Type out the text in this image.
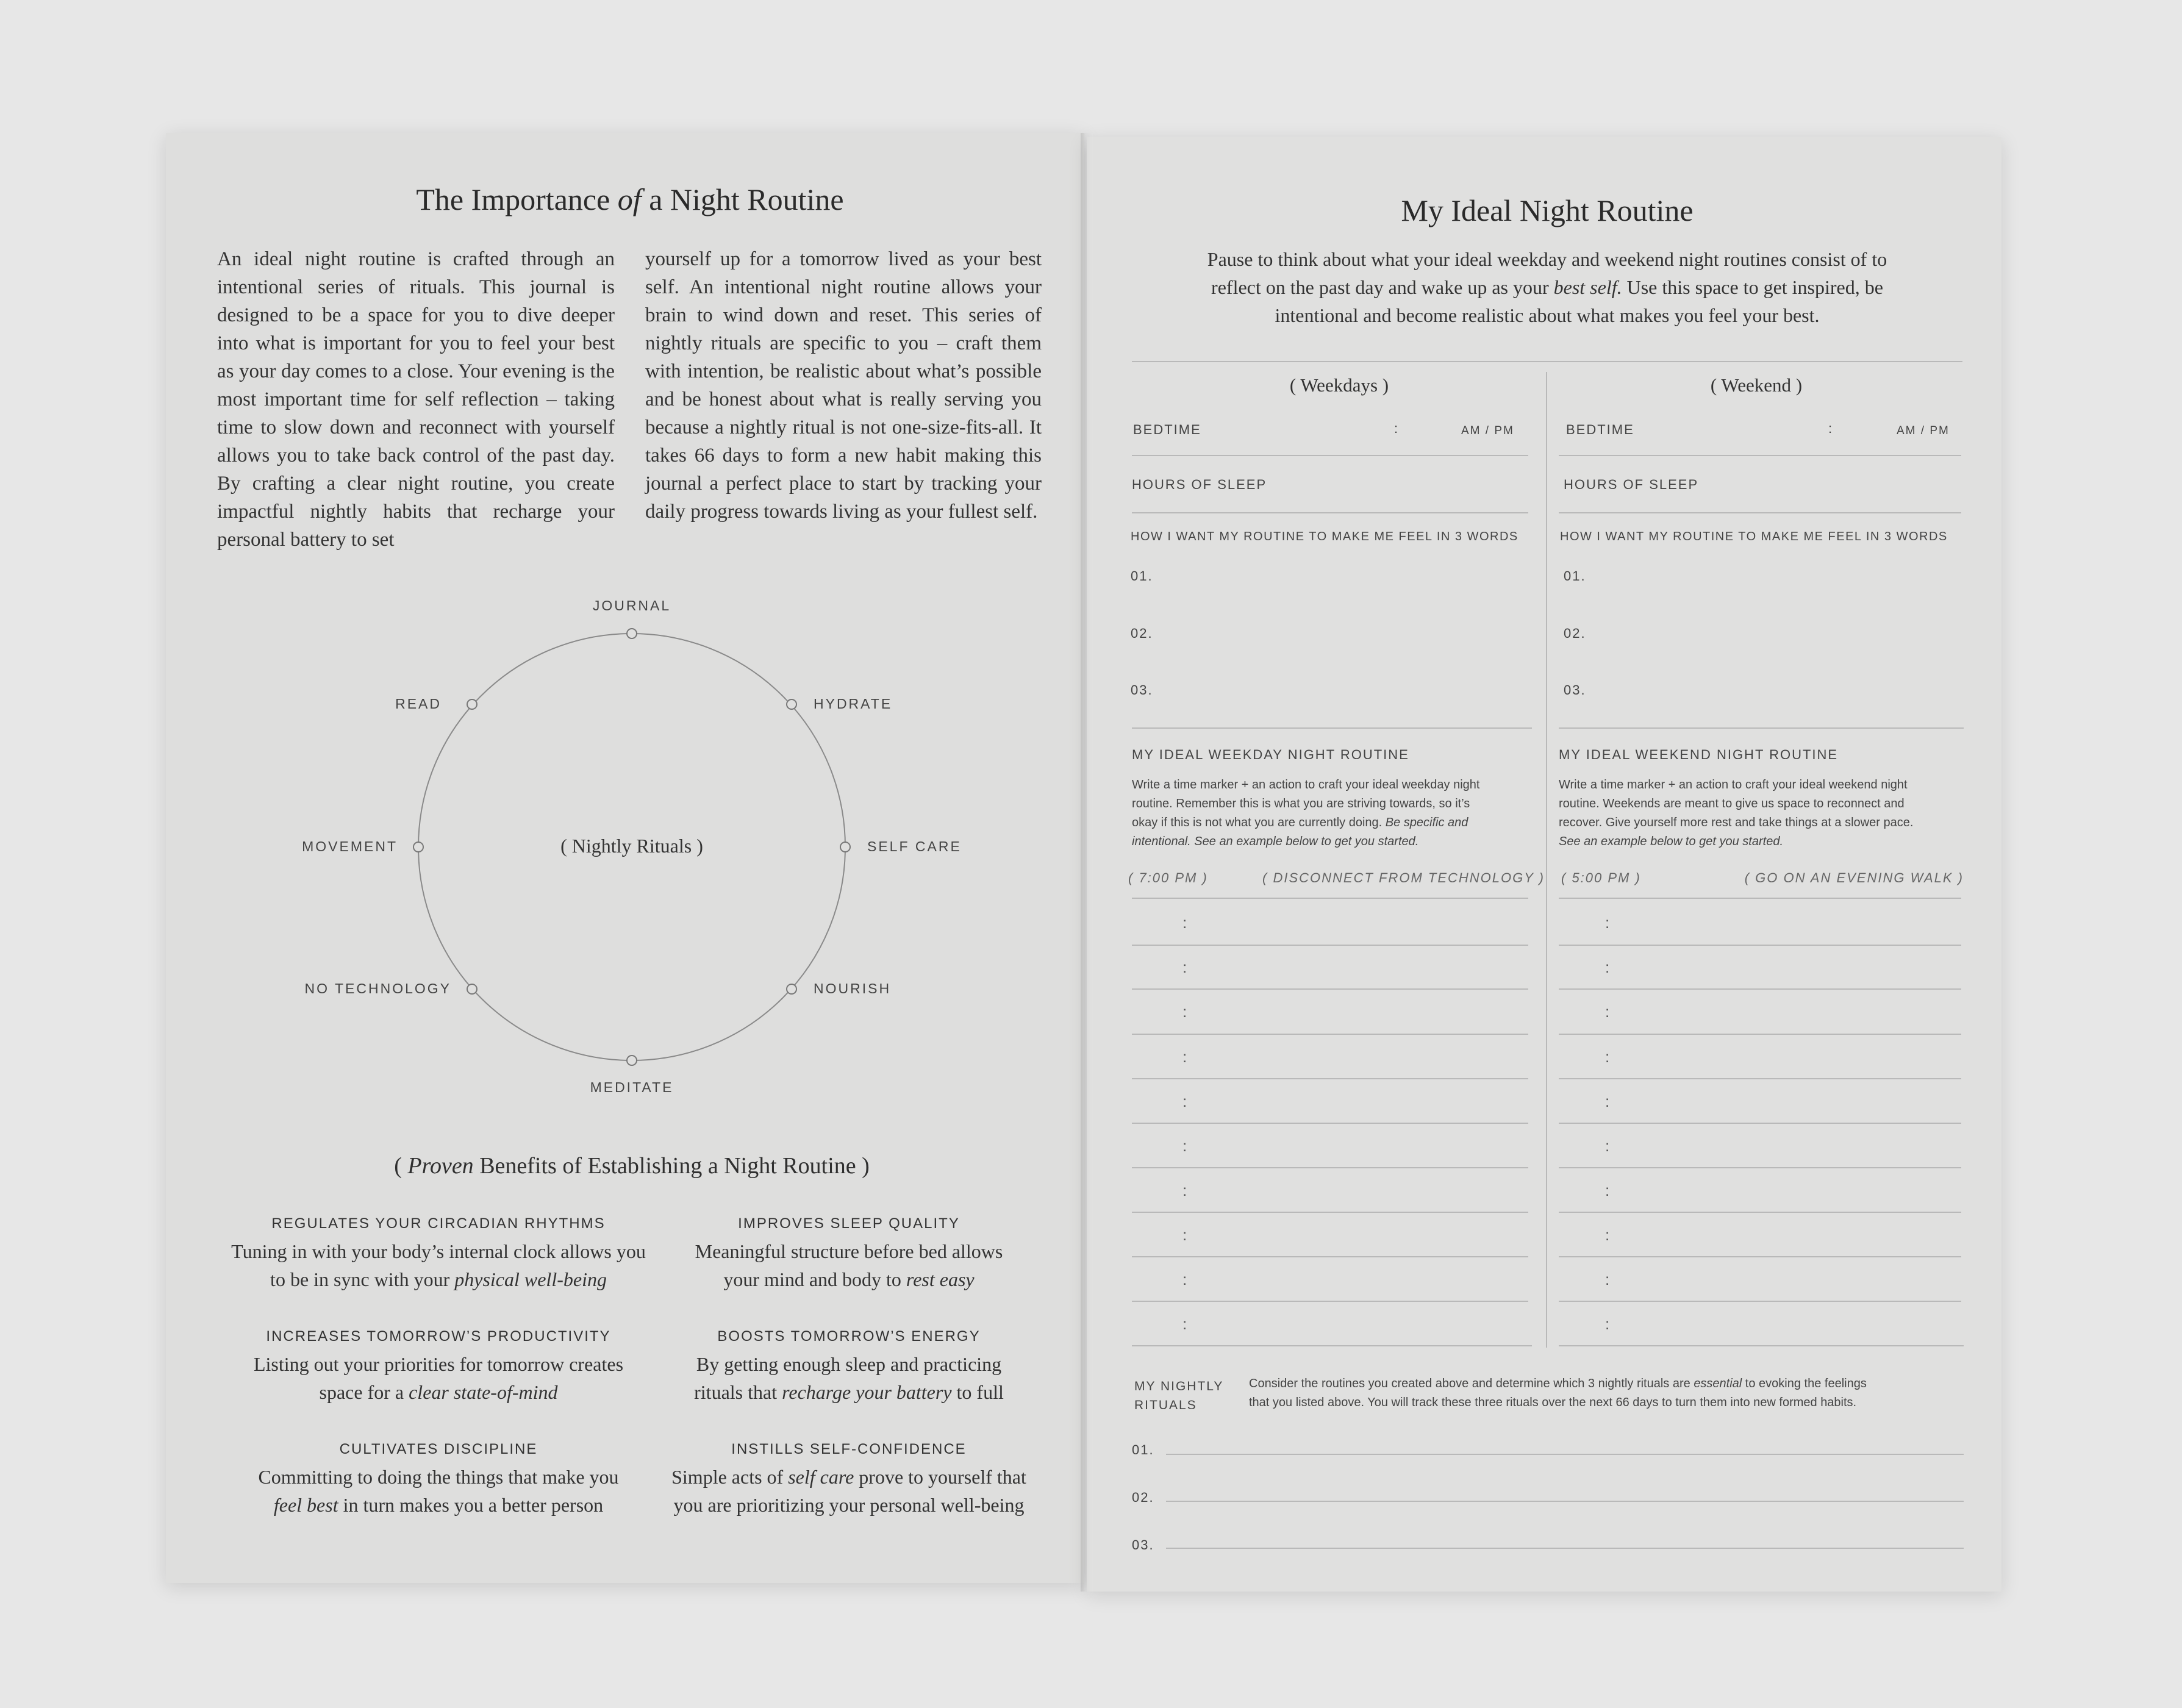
The Importance of a Night Routine
An ideal night routine is crafted through an intentional series of rituals. This journal is designed to be a space for you to dive deeper into what is important for you to feel your best as your day comes to a close. Your evening is the most important time for self reflection – taking time to slow down and reconnect with yourself allows you to take back control of the past day. By crafting a clear night routine, you create impactful nightly habits that recharge your personal battery to set
yourself up for a tomorrow lived as your best self. An intentional night routine allows your brain to wind down and reset. This series of nightly rituals are specific to you – craft them with intention, be realistic about what’s possible and be honest about what is really serving you because a nightly ritual is not one-size-fits-all. It takes 66 days to form a new habit making this journal a perfect place to start by tracking your daily progress towards living as your fullest self.
( Nightly Rituals )
JOURNAL
HYDRATE
SELF CARE
NOURISH
MEDITATE
NO TECHNOLOGY
MOVEMENT
READ
( Proven Benefits of Establishing a Night Routine )
REGULATES YOUR CIRCADIAN RHYTHMS
Tuning in with your body’s internal clock allows you
to be in sync with your physical well-being
IMPROVES SLEEP QUALITY
Meaningful structure before bed allows
your mind and body to rest easy
INCREASES TOMORROW’S PRODUCTIVITY
Listing out your priorities for tomorrow creates
space for a clear state-of-mind
BOOSTS TOMORROW’S ENERGY
By getting enough sleep and practicing
rituals that recharge your battery to full
CULTIVATES DISCIPLINE
Committing to doing the things that make you
feel best in turn makes you a better person
INSTILLS SELF-CONFIDENCE
Simple acts of self care prove to yourself that
you are prioritizing your personal well-being
My Ideal Night Routine
Pause to think about what your ideal weekday and weekend night routines consist of to
reflect on the past day and wake up as your best self. Use this space to get inspired, be
intentional and become realistic about what makes you feel your best.
( Weekdays )
BEDTIME	:	AM / PM
HOURS OF SLEEP
HOW I WANT MY ROUTINE TO MAKE ME FEEL IN 3 WORDS
01.
02.
03.
MY IDEAL WEEKDAY NIGHT ROUTINE
Write a time marker + an action to craft your ideal weekday night
routine. Remember this is what you are striving towards, so it’s
okay if this is not what you are currently doing. Be specific and
intentional. See an example below to get you started.
( 7:00 PM )	( DISCONNECT FROM TECHNOLOGY )
( Weekend )
BEDTIME	:	AM / PM
HOURS OF SLEEP
HOW I WANT MY ROUTINE TO MAKE ME FEEL IN 3 WORDS
01.
02.
03.
MY IDEAL WEEKEND NIGHT ROUTINE
Write a time marker + an action to craft your ideal weekend night
routine. Weekends are meant to give us space to reconnect and
recover. Give yourself more rest and take things at a slower pace.
See an example below to get you started.
( 5:00 PM )	( GO ON AN EVENING WALK )
:
:
:
:
:
:
:
:
:
:
:
:
:
:
:
:
:
:
:
:
MY NIGHTLY
RITUALS
Consider the routines you created above and determine which 3 nightly rituals are essential to evoking the feelings
that you listed above. You will track these three rituals over the next 66 days to turn them into new formed habits.
01.
02.
03.
